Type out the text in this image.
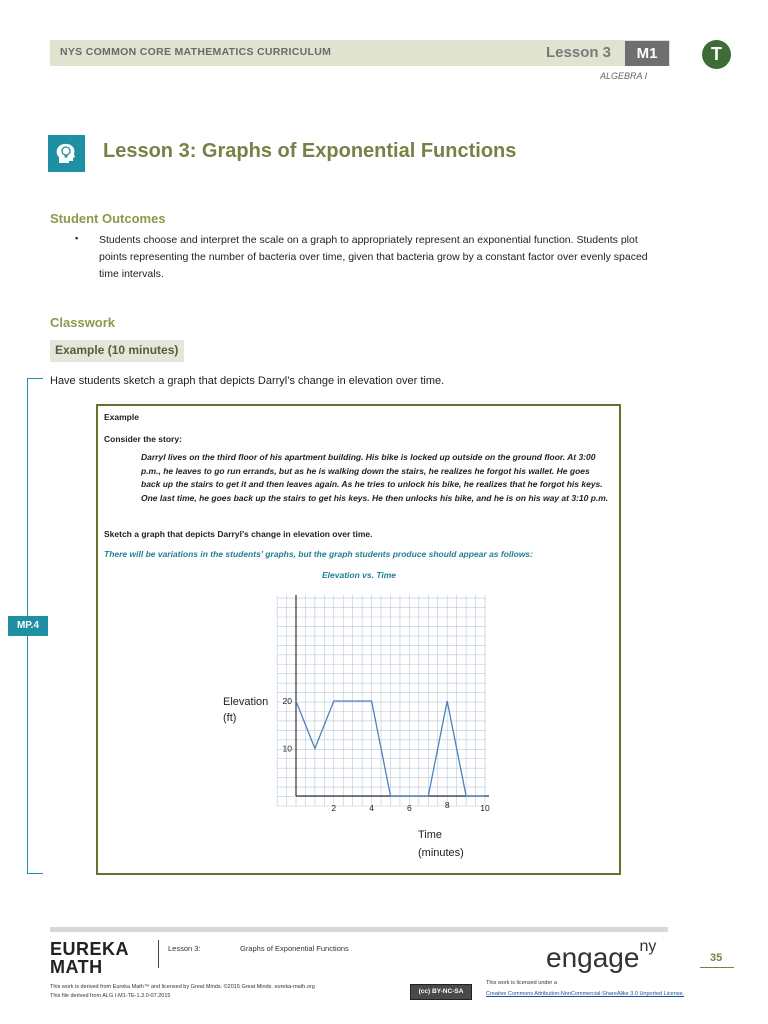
NYS COMMON CORE MATHEMATICS CURRICULUM	Lesson 3	M1
ALGEBRA I
T
Lesson 3: Graphs of Exponential Functions
Student Outcomes
▪ Students choose and interpret the scale on a graph to appropriately represent an exponential function. Students plot points representing the number of bacteria over time, given that bacteria grow by a constant factor over evenly spaced time intervals.
Classwork
Example (10 minutes)
MP.4
Have students sketch a graph that depicts Darryl’s change in elevation over time.
Example
Consider the story:
Darryl lives on the third floor of his apartment building. His bike is locked up outside on the ground floor. At 3:00 p.m., he leaves to go run errands, but as he is walking down the stairs, he realizes he forgot his wallet. He goes back up the stairs to get it and then leaves again. As he tries to unlock his bike, he realizes that he forgot his keys. One last time, he goes back up the stairs to get his keys. He then unlocks his bike, and he is on his way at 3:10 p.m.
Sketch a graph that depicts Darryl’s change in elevation over time.
There will be variations in the students’ graphs, but the graph students produce should appear as follows:
Elevation vs. Time
2	4	6	8	10
10
20
Elevation
(ft)
Time
(minutes)
EUREKA
MATH
Lesson 3:	Graphs of Exponential Functions	engage$^{ny}$
35
This work is derived from Eureka Math™ and licensed by Great Minds. ©2015 Great Minds. eureka-math.org
This file derived from ALG I-M1-TE-1.3.0-07.2015
(cc) BY-NC-SA
This work is licensed under a
Creative Commons Attribution-NonCommercial-ShareAlike 3.0 Unported License.
